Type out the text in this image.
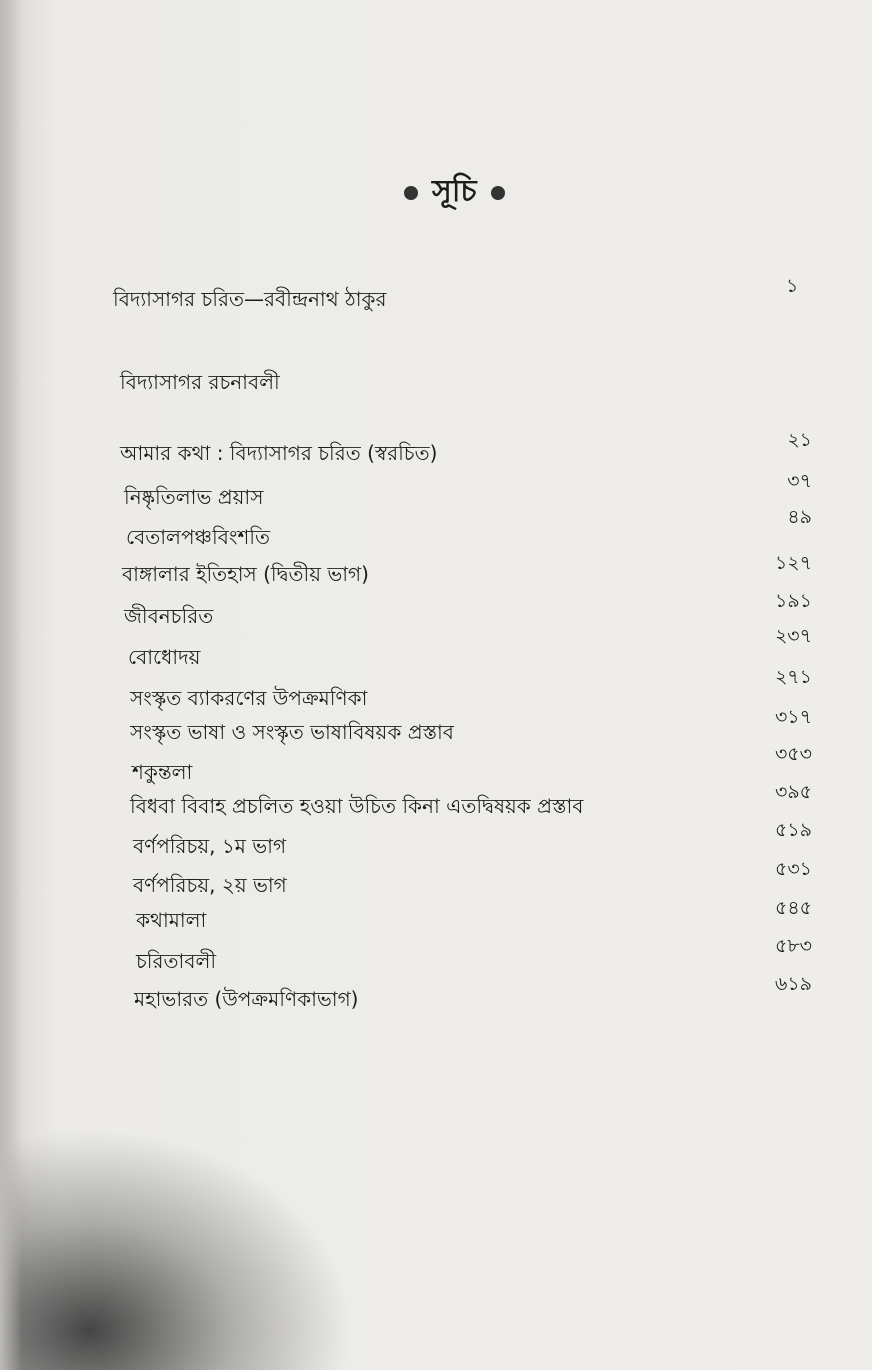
সূচি
বিদ্যাসাগর চরিত—রবীন্দ্রনাথ ঠাকুর
১
বিদ্যাসাগর রচনাবলী
আমার কথা : বিদ্যাসাগর চরিত (স্বরচিত)
২১
নিষ্কৃতিলাভ প্রয়াস
৩৭
বেতালপঞ্চবিংশতি
৪৯
বাঙ্গালার ইতিহাস (দ্বিতীয় ভাগ)	১২৭
জীবনচরিত
১৯১
বোধোদয়
২৩৭
সংস্কৃত ব্যাকরণের উপক্রমণিকা
২৭১
সংস্কৃত ভাষা ও সংস্কৃত ভাষাবিষয়ক প্রস্তাব
৩১৭
শকুন্তলা
৩৫৩
বিধবা বিবাহ প্রচলিত হওয়া উচিত কিনা এতদ্বিষয়ক প্রস্তাব
৩৯৫
বর্ণপরিচয়, ১ম ভাগ
৫১৯
বর্ণপরিচয়, ২য় ভাগ
৫৩১
কথামালা	৫৪৫
চরিতাবলী
৫৮৩
মহাভারত (উপক্রমণিকাভাগ)
৬১৯
